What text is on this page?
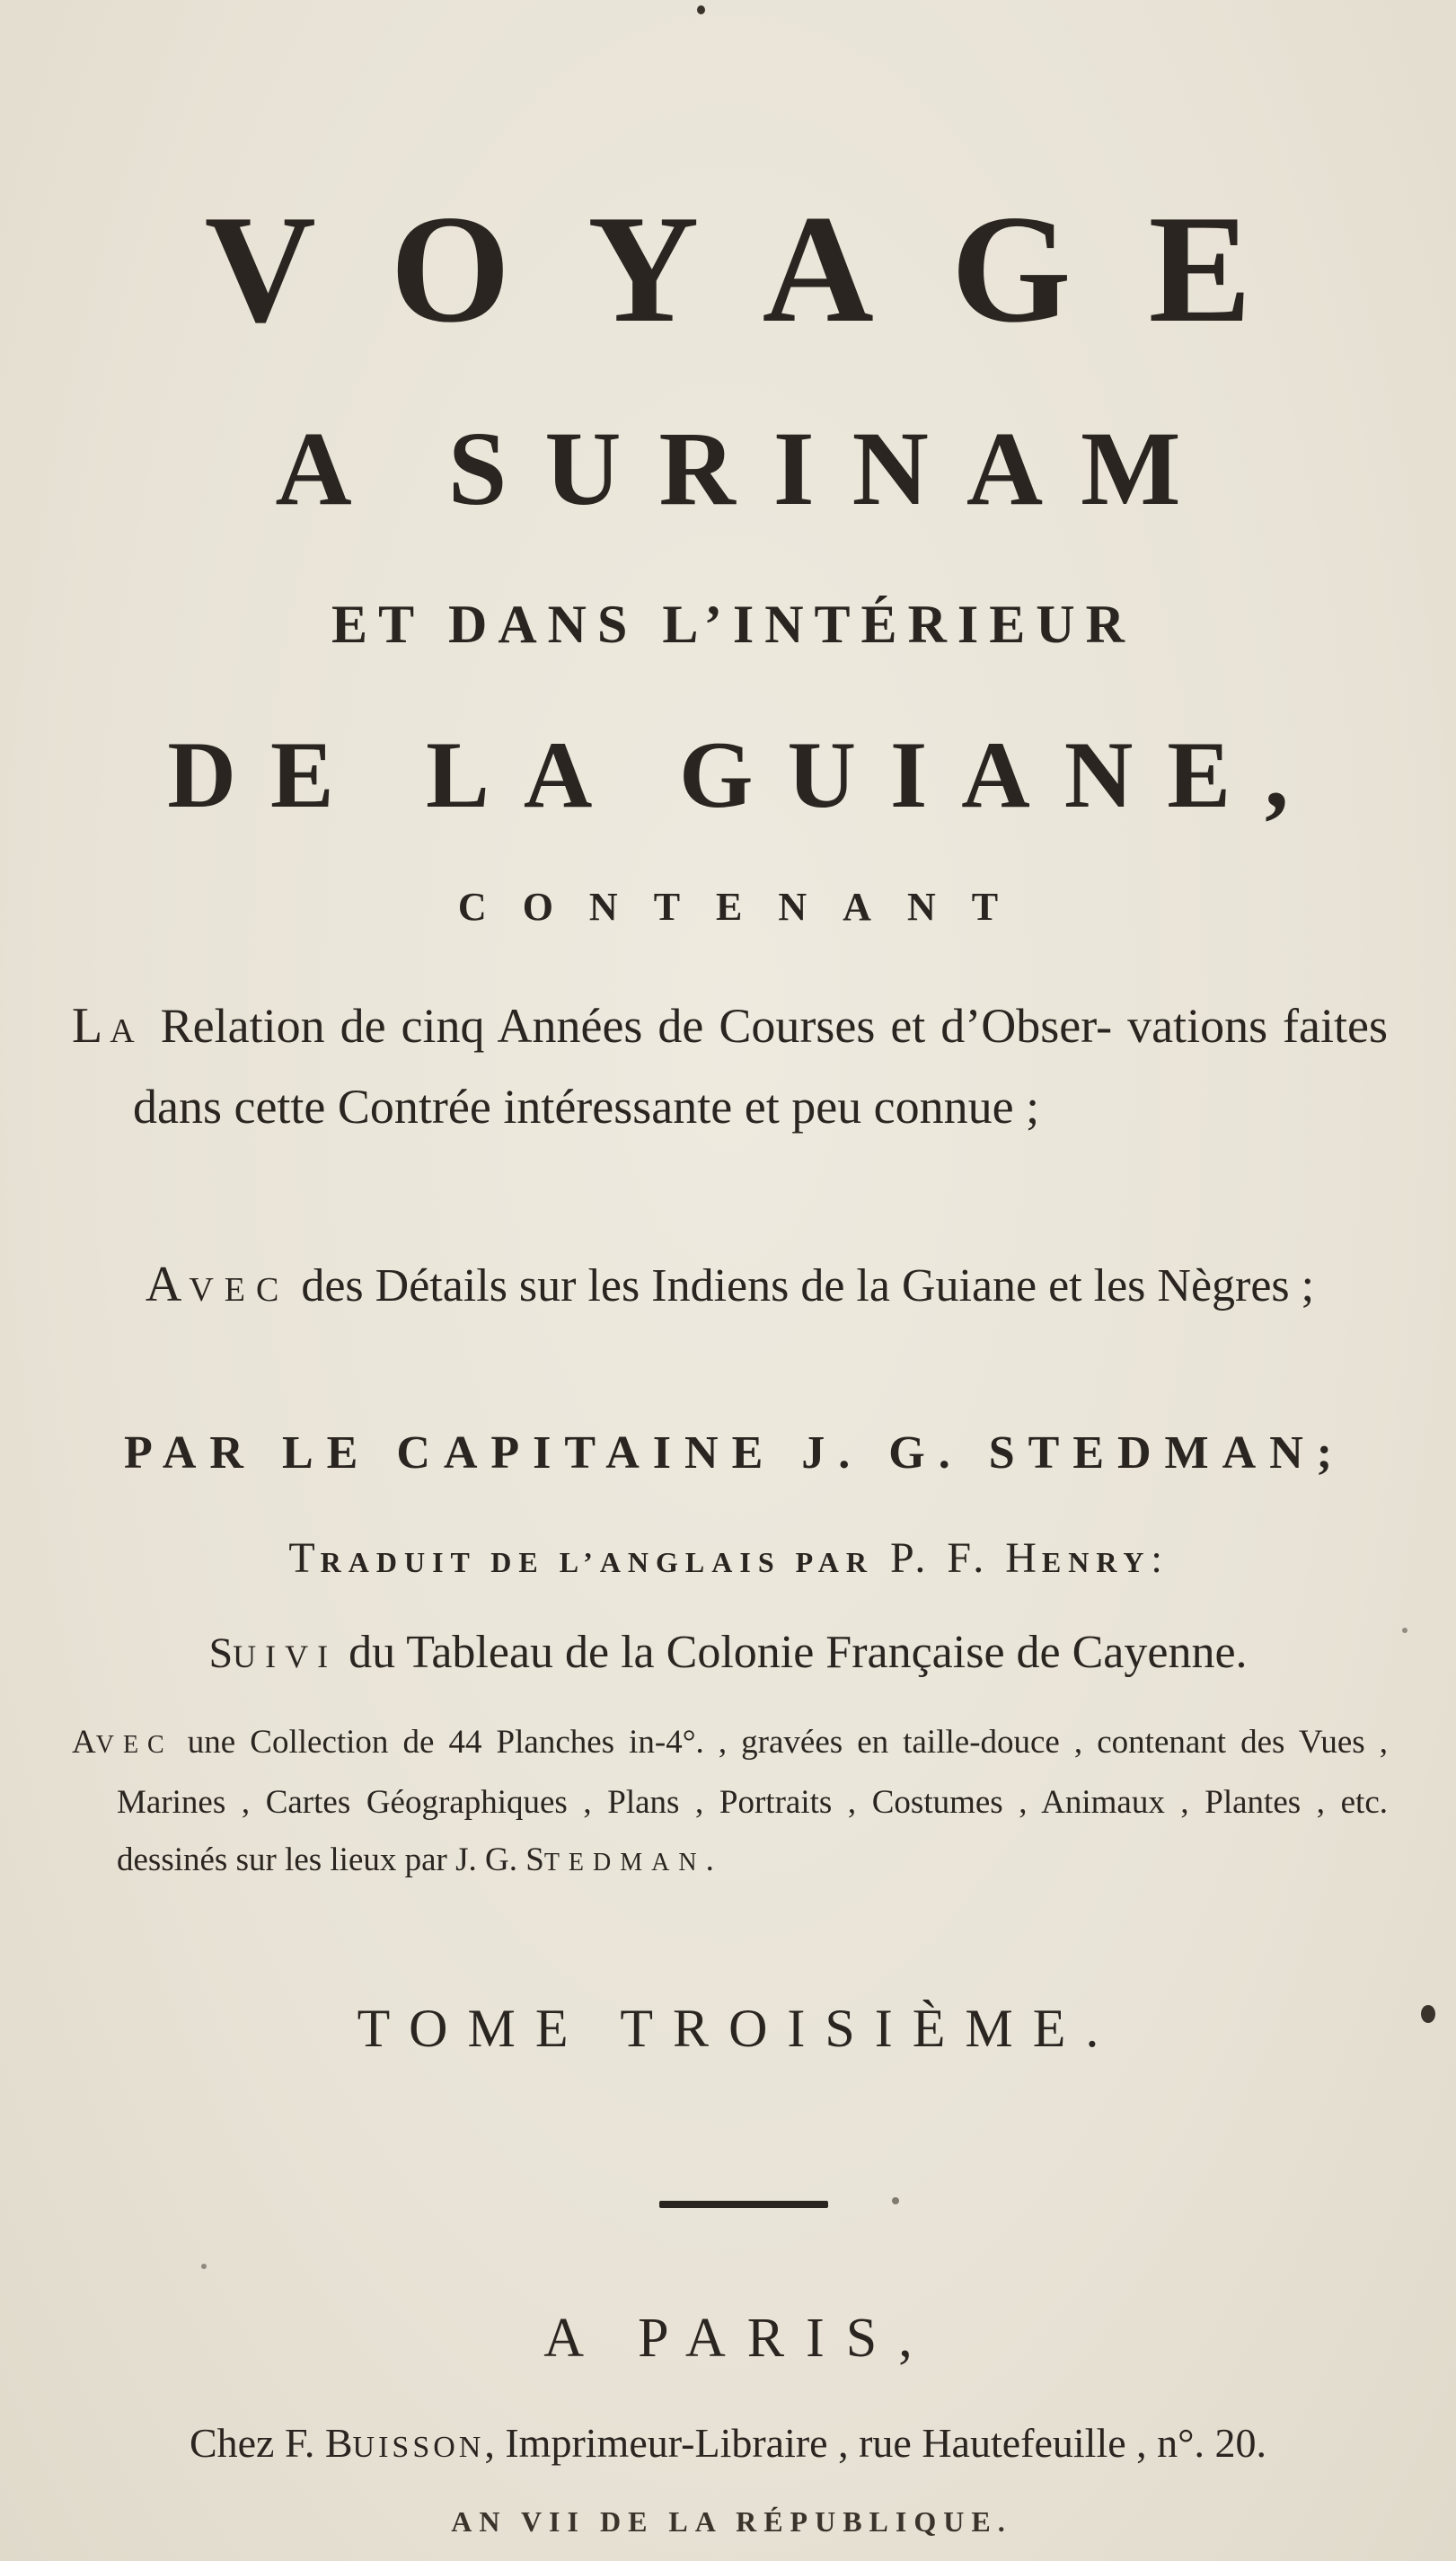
VOYAGE
A SURINAM
ET DANS L’INTÉRIEUR
DE LA GUIANE,
CONTENANT

LA Relation de cinq Années de Courses et d’Obser- vations faites dans cette Contrée intéressante et peu connue ;

AVEC des Détails sur les Indiens de la Guiane et les Nègres ;

PAR LE CAPITAINE J. G. STEDMAN;
TRADUIT DE L’ANGLAIS PAR P. F. HENRY:
SUIVI du Tableau de la Colonie Française de Cayenne.

AVEC une Collection de 44 Planches in-4°. , gravées en taille-douce , contenant des Vues , Marines , Cartes Géographiques , Plans , Portraits , Costumes , Animaux , Plantes , etc. dessinés sur les lieux par J. G. STEDMAN.

TOME TROISIÈME.
A PARIS,
Chez F. BUISSON, Imprimeur-Libraire , rue Hautefeuille , n°. 20.
AN VII DE LA RÉPUBLIQUE.
